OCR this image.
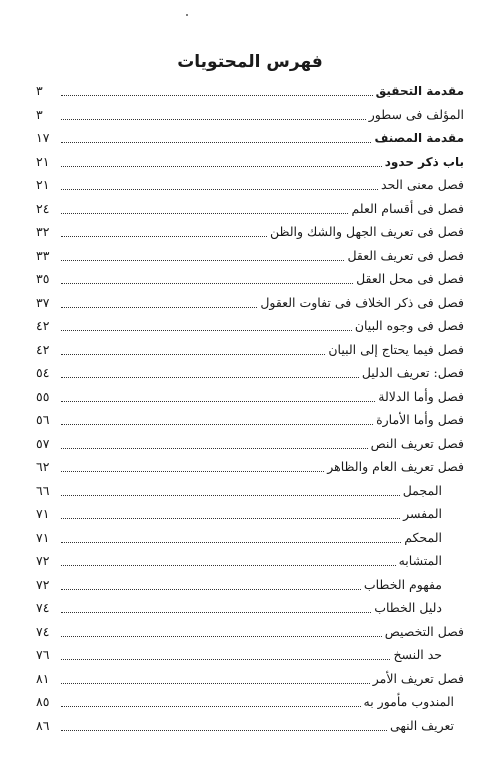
فهرس المحتويات
مقدمة التحقيق
٣
المؤلف فى سطور
٣
مقدمة المصنف
١٧
باب ذكر حدود
٢١
فصل معنى الحد
٢١
فصل فى أقسام العلم
٢٤
فصل فى تعريف الجهل والشك والظن
٣٢
فصل فى تعريف العقل
٣٣
فصل فى محل العقل
٣٥
فصل فى ذكر الخلاف فى تفاوت العقول
٣٧
فصل فى وجوه البيان
٤٢
فصل فيما يحتاج إلى البيان
٤٢
فصل: تعريف الدليل
٥٤
فصل وأما الدلالة
٥٥
فصل وأما الأمارة
٥٦
فصل تعريف النص
٥٧
فصل تعريف العام والظاهر
٦٢
المجمل
٦٦
المفسر
٧١
المحكم
٧١
المتشابه
٧٢
مفهوم الخطاب
٧٢
دليل الخطاب
٧٤
فصل التخصيص
٧٤
حد النسخ
٧٦
فصل تعريف الأمر
٨١
المندوب مأمور به
٨٥
تعريف النهى
٨٦
